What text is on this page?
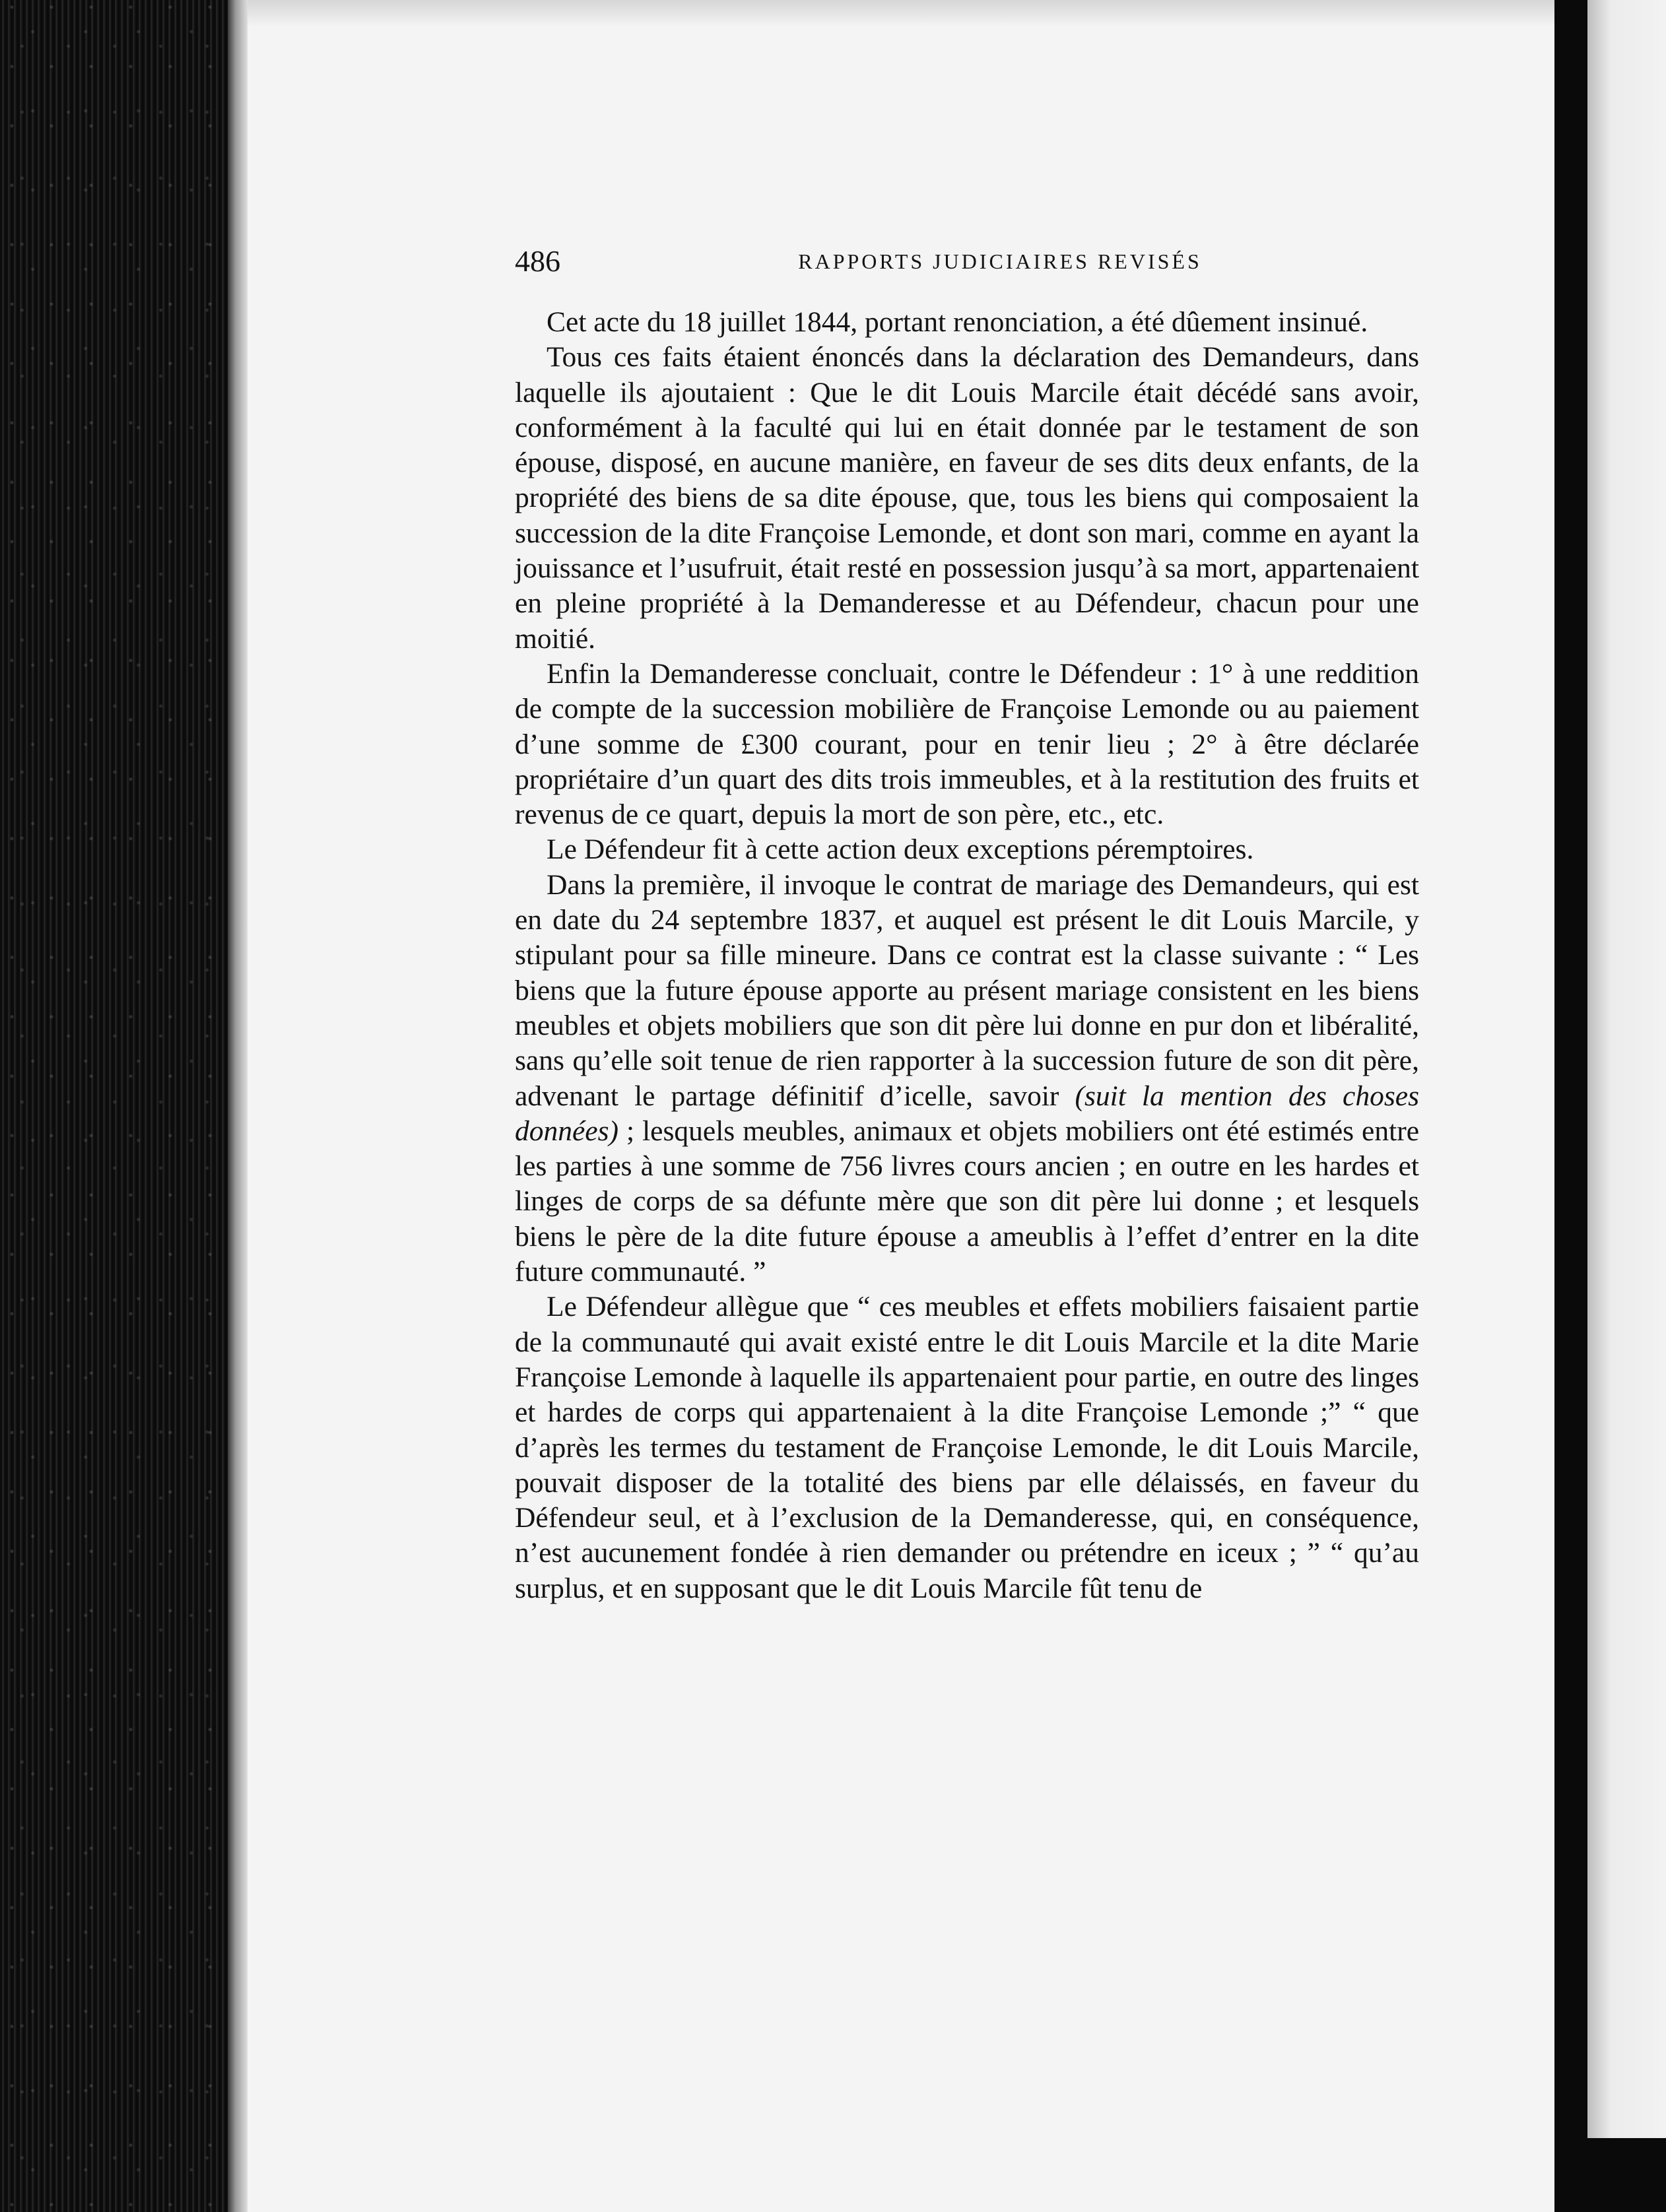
486	RAPPORTS JUDICIAIRES REVISÉS

Cet acte du 18 juillet 1844, portant renonciation, a été dûement insinué.

Tous ces faits étaient énoncés dans la déclaration des Demandeurs, dans laquelle ils ajoutaient : Que le dit Louis Marcile était décédé sans avoir, conformément à la faculté qui lui en était donnée par le testament de son épouse, disposé, en aucune manière, en faveur de ses dits deux enfants, de la propriété des biens de sa dite épouse, que, tous les biens qui composaient la succession de la dite Françoise Lemonde, et dont son mari, comme en ayant la jouissance et l’usufruit, était resté en possession jusqu’à sa mort, appartenaient en pleine propriété à la Demanderesse et au Défendeur, chacun pour une moitié.

Enfin la Demanderesse concluait, contre le Défendeur : 1° à une reddition de compte de la succession mobilière de Françoise Lemonde ou au paiement d’une somme de £300 courant, pour en tenir lieu ; 2° à être déclarée propriétaire d’un quart des dits trois immeubles, et à la restitution des fruits et revenus de ce quart, depuis la mort de son père, etc., etc.

Le Défendeur fit à cette action deux exceptions péremptoires.

Dans la première, il invoque le contrat de mariage des Demandeurs, qui est en date du 24 septembre 1837, et auquel est présent le dit Louis Marcile, y stipulant pour sa fille mineure. Dans ce contrat est la classe suivante : “ Les biens que la future épouse apporte au présent mariage consistent en les biens meubles et objets mobiliers que son dit père lui donne en pur don et libéralité, sans qu’elle soit tenue de rien rapporter à la succession future de son dit père, advenant le partage définitif d’icelle, savoir (suit la mention des choses données) ; lesquels meubles, animaux et objets mobiliers ont été estimés entre les parties à une somme de 756 livres cours ancien ; en outre en les hardes et linges de corps de sa défunte mère que son dit père lui donne ; et lesquels biens le père de la dite future épouse a ameublis à l’effet d’entrer en la dite future communauté. ”

Le Défendeur allègue que “ ces meubles et effets mobiliers faisaient partie de la communauté qui avait existé entre le dit Louis Marcile et la dite Marie Françoise Lemonde à laquelle ils appartenaient pour partie, en outre des linges et hardes de corps qui appartenaient à la dite Françoise Lemonde ;” “ que d’après les termes du testament de Françoise Lemonde, le dit Louis Marcile, pouvait disposer de la totalité des biens par elle délaissés, en faveur du Défendeur seul, et à l’exclusion de la Demanderesse, qui, en conséquence, n’est aucunement fondée à rien demander ou prétendre en iceux ; ” “ qu’au surplus, et en supposant que le dit Louis Marcile fût tenu de
